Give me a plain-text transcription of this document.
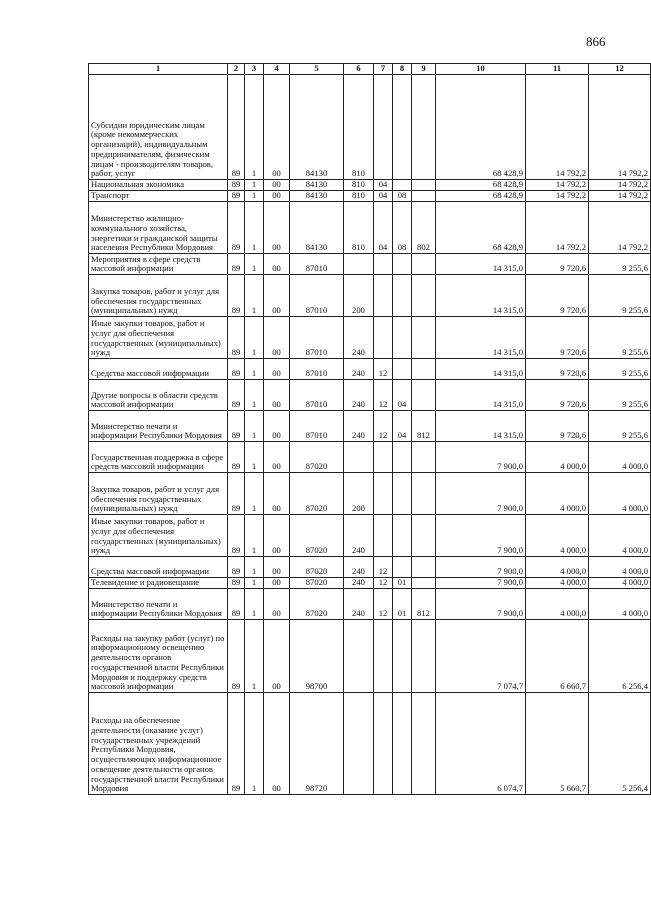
866
1	2	3	4	5	6	7	8	9	10	11	12
Субсидии юридическим лицам (кроме некоммерческих организаций), индивидуальным предпринимателям, физическим лицам - производителям товаров, работ, услуг	89	1	00	84130	810				68 428,9	14 792,2	14 792,2
Национальная экономика	89	1	00	84130	810	04			68 428,9	14 792,2	14 792,2
Транспорт	89	1	00	84130	810	04	08		68 428,9	14 792,2	14 792,2
Министерство жилищно-коммунального хозяйства, энергетики и гражданской защиты населения Республики Мордовия	89	1	00	84130	810	04	08	802	68 428,9	14 792,2	14 792,2
Мероприятия в сфере средств массовой информации	89	1	00	87010					14 315,0	9 720,6	9 255,6
Закупка товаров, работ и услуг для обеспечения государственных (муниципальных) нужд	89	1	00	87010	200				14 315,0	9 720,6	9 255,6
Иные закупки товаров, работ и услуг для обеспечения государственных (муниципальных) нужд	89	1	00	87010	240				14 315,0	9 720,6	9 255,6
Средства массовой информации	89	1	00	87010	240	12			14 315,0	9 720,6	9 255,6
Другие вопросы в области средств массовой информации	89	1	00	87010	240	12	04		14 315,0	9 720,6	9 255,6
Министерство печати и информации Республики Мордовия	89	1	00	87010	240	12	04	812	14 315,0	9 720,6	9 255,6
Государственная поддержка в сфере средств массовой информации	89	1	00	87020					7 900,0	4 000,0	4 000,0
Закупка товаров, работ и услуг для обеспечения государственных (муниципальных) нужд	89	1	00	87020	200				7 900,0	4 000,0	4 000,0
Иные закупки товаров, работ и услуг для обеспечения государственных (муниципальных) нужд	89	1	00	87020	240				7 900,0	4 000,0	4 000,0
Средства массовой информации	89	1	00	87020	240	12			7 900,0	4 000,0	4 000,0
Телевидение и радиовещание	89	1	00	87020	240	12	01		7 900,0	4 000,0	4 000,0
Министерство печати и информации Республики Мордовия	89	1	00	87020	240	12	01	812	7 900,0	4 000,0	4 000,0
Расходы на закупку работ (услуг) по информационному освещению деятельности органов государственной власти Республики Мордовия и поддержку средств массовой информации	89	1	00	98700					7 074,7	6 660,7	6 256,4
Расходы на обеспечение деятельности (оказание услуг) государственных учреждений Республики Мордовия, осуществляющих информационное освещение деятельности органов государственной власти Республики Мордовия	89	1	00	98720					6 074,7	5 660,7	5 256,4
